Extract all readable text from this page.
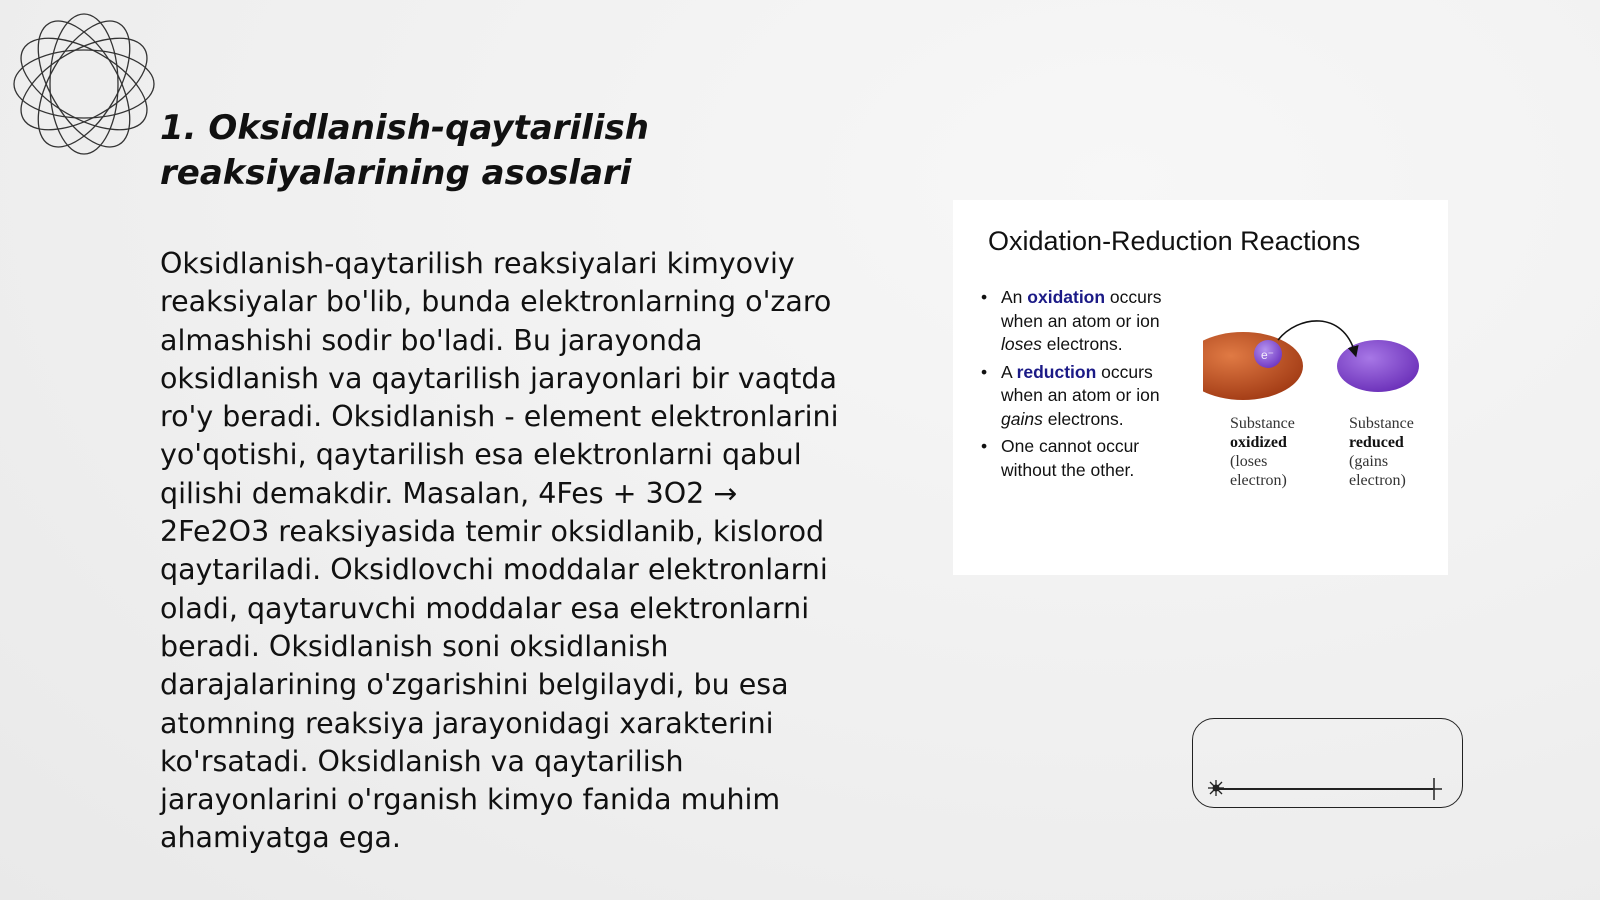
1. Oksidlanish-qaytarilish
reaksiyalarining asoslari

Oksidlanish-qaytarilish reaksiyalari kimyoviy reaksiyalar bo'lib, bunda elektronlarning o'zaro almashishi sodir bo'ladi. Bu jarayonda oksidlanish va qaytarilish jarayonlari bir vaqtda ro'y beradi. Oksidlanish - element elektronlarini yo'qotishi, qaytarilish esa elektronlarni qabul qilishi demakdir. Masalan, 4Fes + 3O2 → 2Fe2O3 reaksiyasida temir oksidlanib, kislorod qaytariladi. Oksidlovchi moddalar elektronlarni oladi, qaytaruvchi moddalar esa elektronlarni beradi. Oksidlanish soni oksidlanish darajalarining o'zgarishini belgilaydi, bu esa atomning reaksiya jarayonidagi xarakterini ko'rsatadi. Oksidlanish va qaytarilish jarayonlarini o'rganish kimyo fanida muhim ahamiyatga ega.

Oxidation-Reduction Reactions
• An oxidation occurs when an atom or ion loses electrons.
• A reduction occurs when an atom or ion gains electrons.
• One cannot occur without the other.
e⁻
Substance
oxidized
(loses
electron)
Substance
reduced
(gains
electron)
